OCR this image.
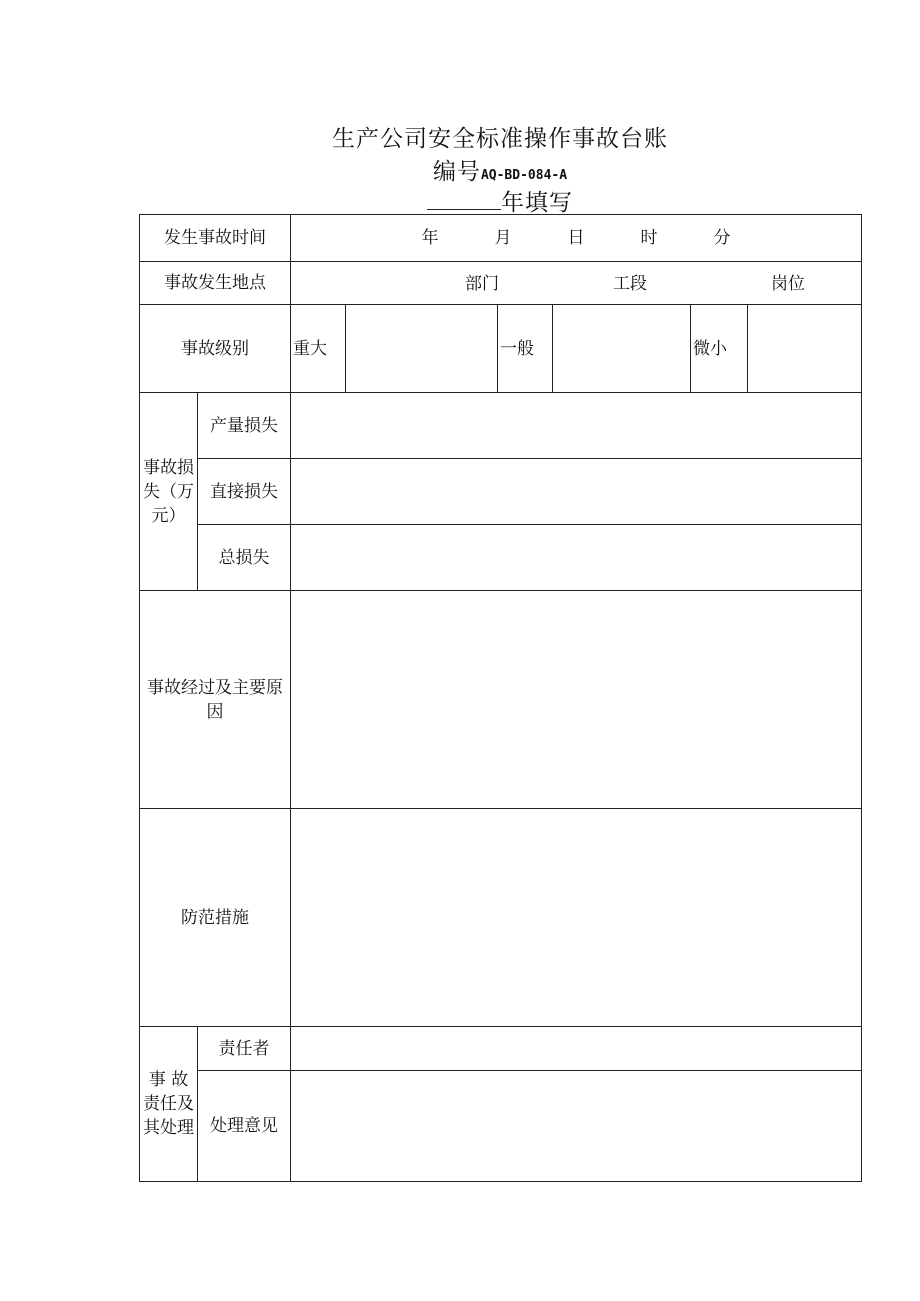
生产公司安全标准操作事故台账
编号AQ-BD-084-A
年填写
发生事故时间		年 月 日 时 分					
事故发生地点		部门 工段 岗位					

事故级别		重大		一般		微小	
事故损失（万元）	产量损失						
	直接损失						
	总损失						
事故经过及主要原因							
防范措施							
事 故 责任及 其处理	责任者						
	处理意见						
